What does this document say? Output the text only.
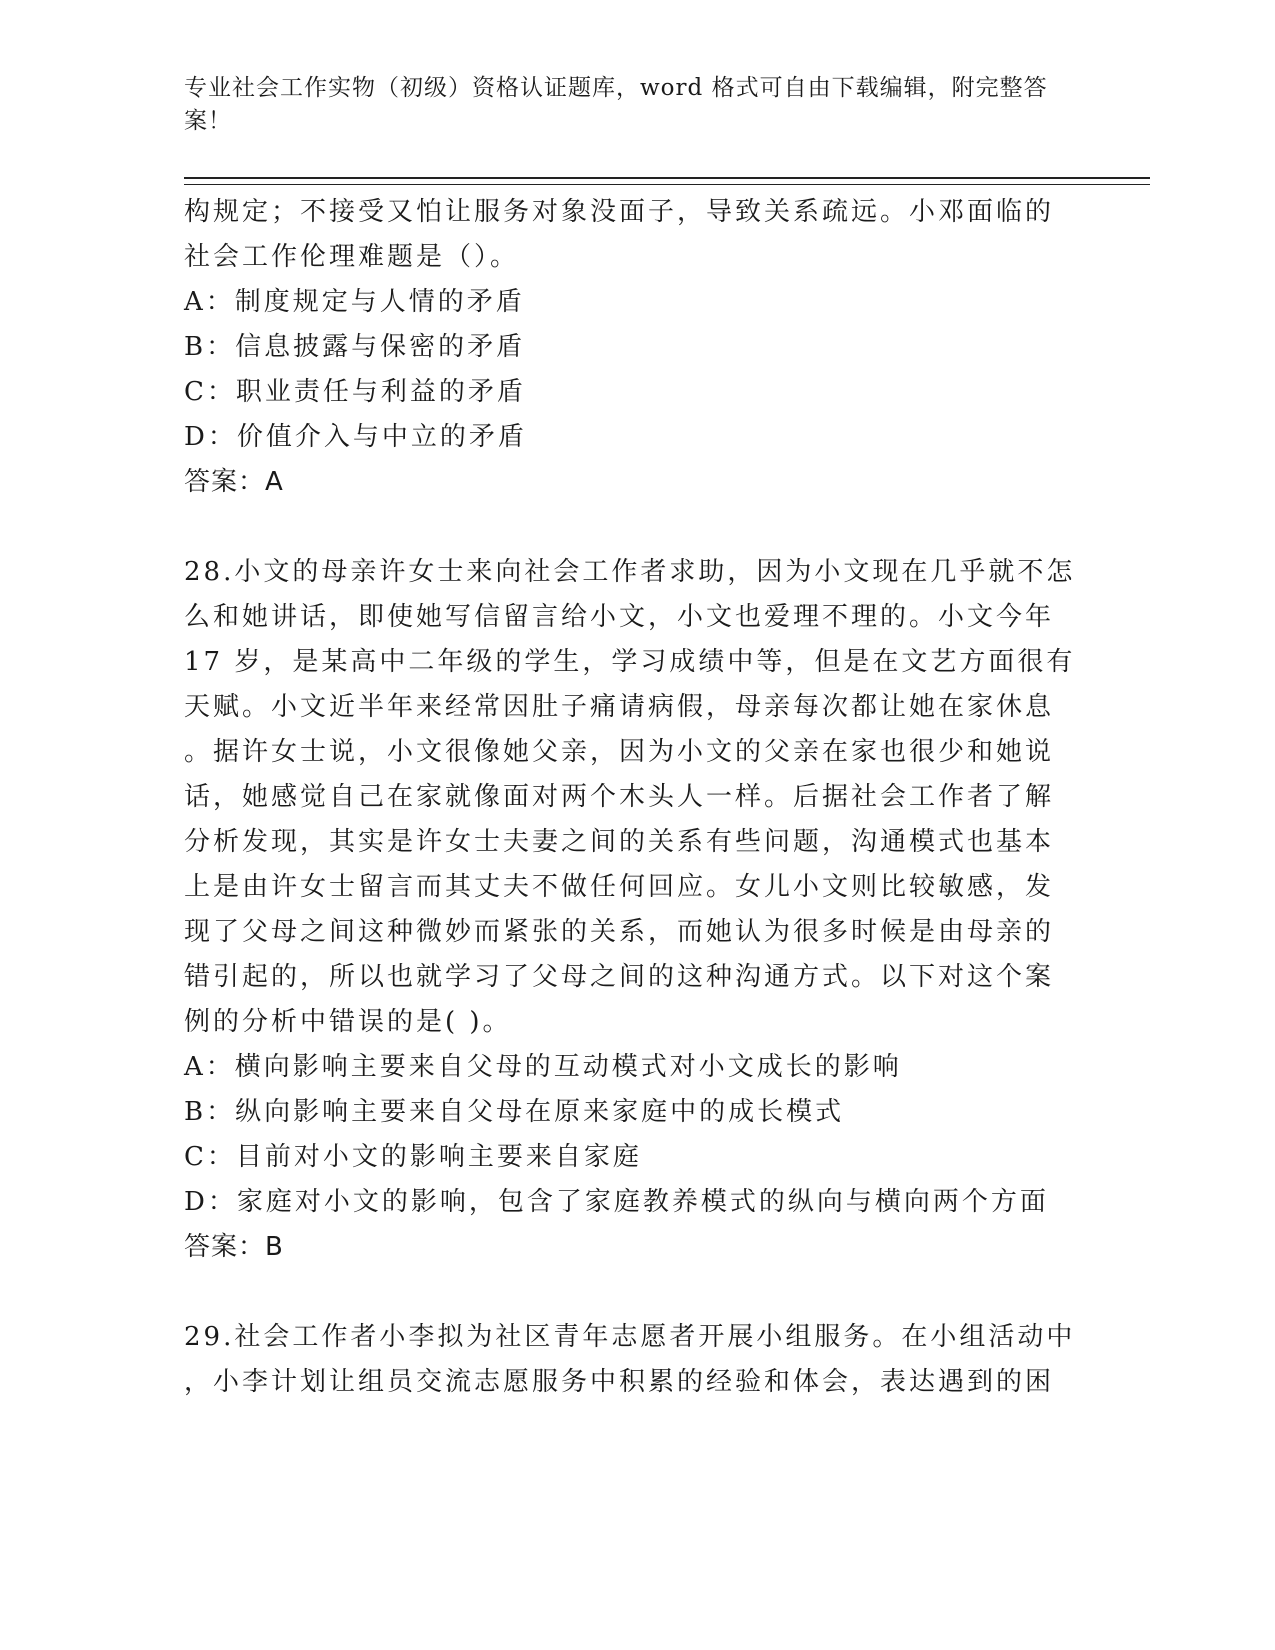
专业社会工作实物（初级）资格认证题库，word 格式可自由下载编辑，附完整答
案！
构规定；不接受又怕让服务对象没面子，导致关系疏远。小邓面临的
社会工作伦理难题是（）。
A：制度规定与人情的矛盾
B：信息披露与保密的矛盾
C：职业责任与利益的矛盾
D：价值介入与中立的矛盾
答案：A
28.小文的母亲许女士来向社会工作者求助，因为小文现在几乎就不怎
么和她讲话，即使她写信留言给小文，小文也爱理不理的。小文今年
17 岁，是某高中二年级的学生，学习成绩中等，但是在文艺方面很有
天赋。小文近半年来经常因肚子痛请病假，母亲每次都让她在家休息
。据许女士说，小文很像她父亲，因为小文的父亲在家也很少和她说
话，她感觉自己在家就像面对两个木头人一样。后据社会工作者了解
分析发现，其实是许女士夫妻之间的关系有些问题，沟通模式也基本
上是由许女士留言而其丈夫不做任何回应。女儿小文则比较敏感，发
现了父母之间这种微妙而紧张的关系，而她认为很多时候是由母亲的
错引起的，所以也就学习了父母之间的这种沟通方式。以下对这个案
例的分析中错误的是( )。
A：横向影响主要来自父母的互动模式对小文成长的影响
B：纵向影响主要来自父母在原来家庭中的成长模式
C：目前对小文的影响主要来自家庭
D：家庭对小文的影响，包含了家庭教养模式的纵向与横向两个方面
答案：B
29.社会工作者小李拟为社区青年志愿者开展小组服务。在小组活动中
，小李计划让组员交流志愿服务中积累的经验和体会，表达遇到的困
